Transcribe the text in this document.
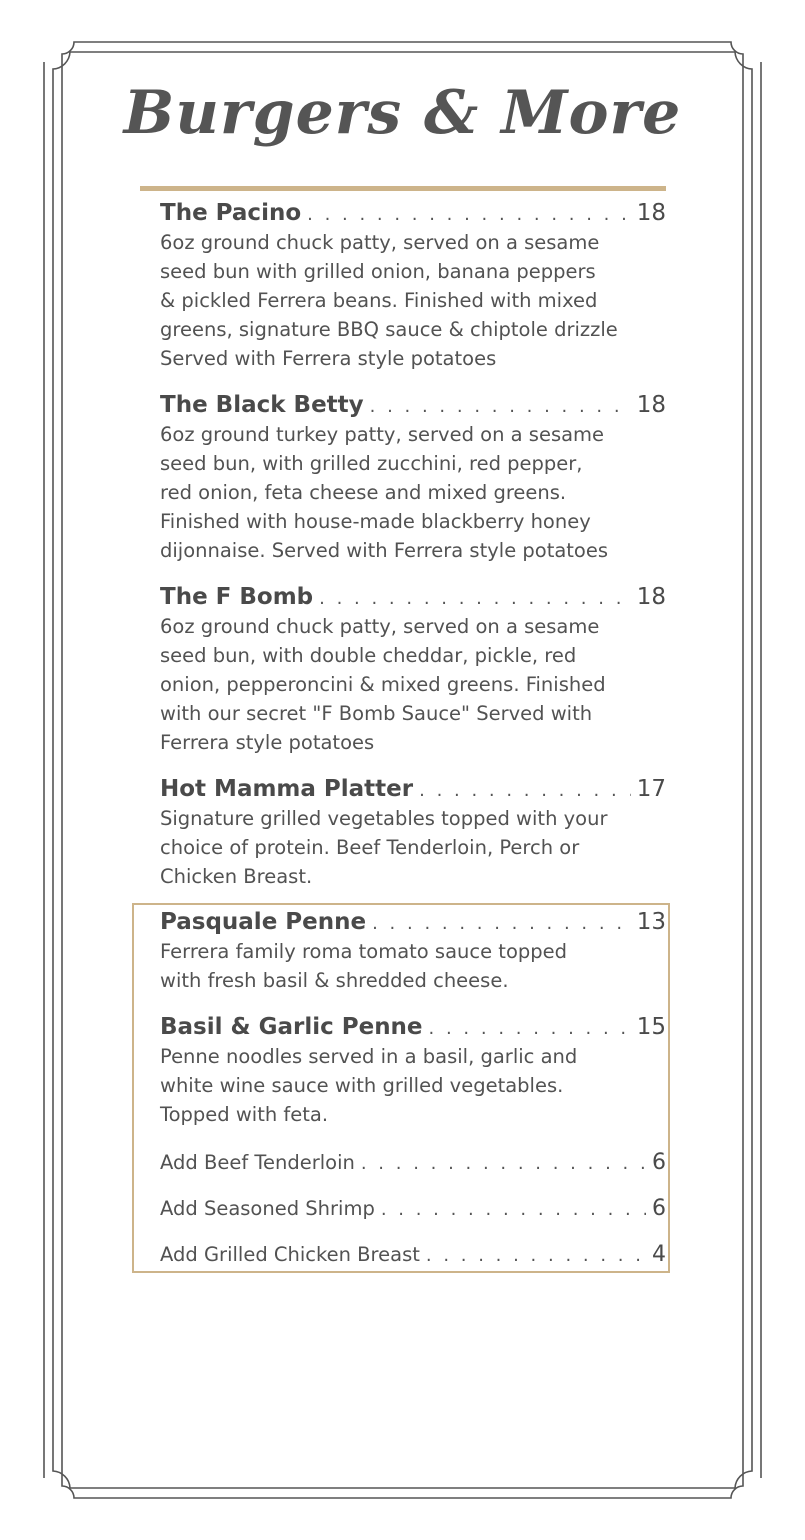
Burgers & More
The Pacino . . .	18
6oz ground chuck patty, served on a sesame
seed bun with grilled onion, banana peppers
& pickled Ferrera beans. Finished with mixed
greens, signature BBQ sauce & chiptole drizzle
Served with Ferrera style potatoes
The Black Betty . . .	18
6oz ground turkey patty, served on a sesame
seed bun, with grilled zucchini, red pepper,
red onion, feta cheese and mixed greens.
Finished with house-made blackberry honey
dijonnaise. Served with Ferrera style potatoes
The F Bomb . . .	18
6oz ground chuck patty, served on a sesame
seed bun, with double cheddar, pickle, red
onion, pepperoncini & mixed greens. Finished
with our secret "F Bomb Sauce" Served with
Ferrera style potatoes
Hot Mamma Platter . . .	17
Signature grilled vegetables topped with your
choice of protein. Beef Tenderloin, Perch or
Chicken Breast.
Pasquale Penne . . .	13
Ferrera family roma tomato sauce topped
with fresh basil & shredded cheese.
Basil & Garlic Penne . . .	15
Penne noodles served in a basil, garlic and
white wine sauce with grilled vegetables.
Topped with feta.
Add Beef Tenderloin . . .	6
Add Seasoned Shrimp . . .	6
Add Grilled Chicken Breast . . .	4
